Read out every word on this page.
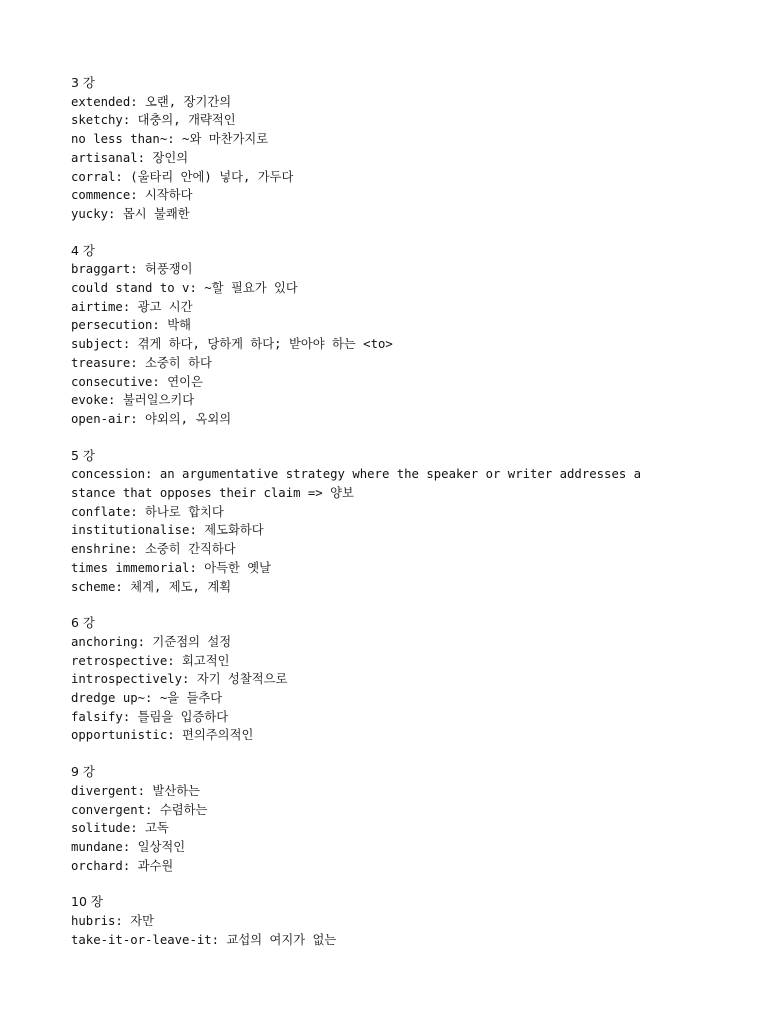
3 강
extended: 오랜, 장기간의
sketchy: 대충의, 개략적인
no less than~: ~와 마찬가지로
artisanal: 장인의
corral: (울타리 안에) 넣다, 가두다
commence: 시작하다
yucky: 몹시 불쾌한
4 강
braggart: 허풍쟁이
could stand to v: ~할 필요가 있다
airtime: 광고 시간
persecution: 박해
subject: 겪게 하다, 당하게 하다; 받아야 하는 <to>
treasure: 소중히 하다
consecutive: 연이은
evoke: 불러일으키다
open-air: 야외의, 옥외의
5 강
concession: an argumentative strategy where the speaker or writer addresses a
stance that opposes their claim => 양보
conflate: 하나로 합치다
institutionalise: 제도화하다
enshrine: 소중히 간직하다
times immemorial: 아득한 옛날
scheme: 체계, 제도, 계획
6 강
anchoring: 기준점의 설정
retrospective: 회고적인
introspectively: 자기 성찰적으로
dredge up~: ~을 들추다
falsify: 틀림을 입증하다
opportunistic: 편의주의적인
9 강
divergent: 발산하는
convergent: 수렴하는
solitude: 고독
mundane: 일상적인
orchard: 과수원
10 장
hubris: 자만
take-it-or-leave-it: 교섭의 여지가 없는
